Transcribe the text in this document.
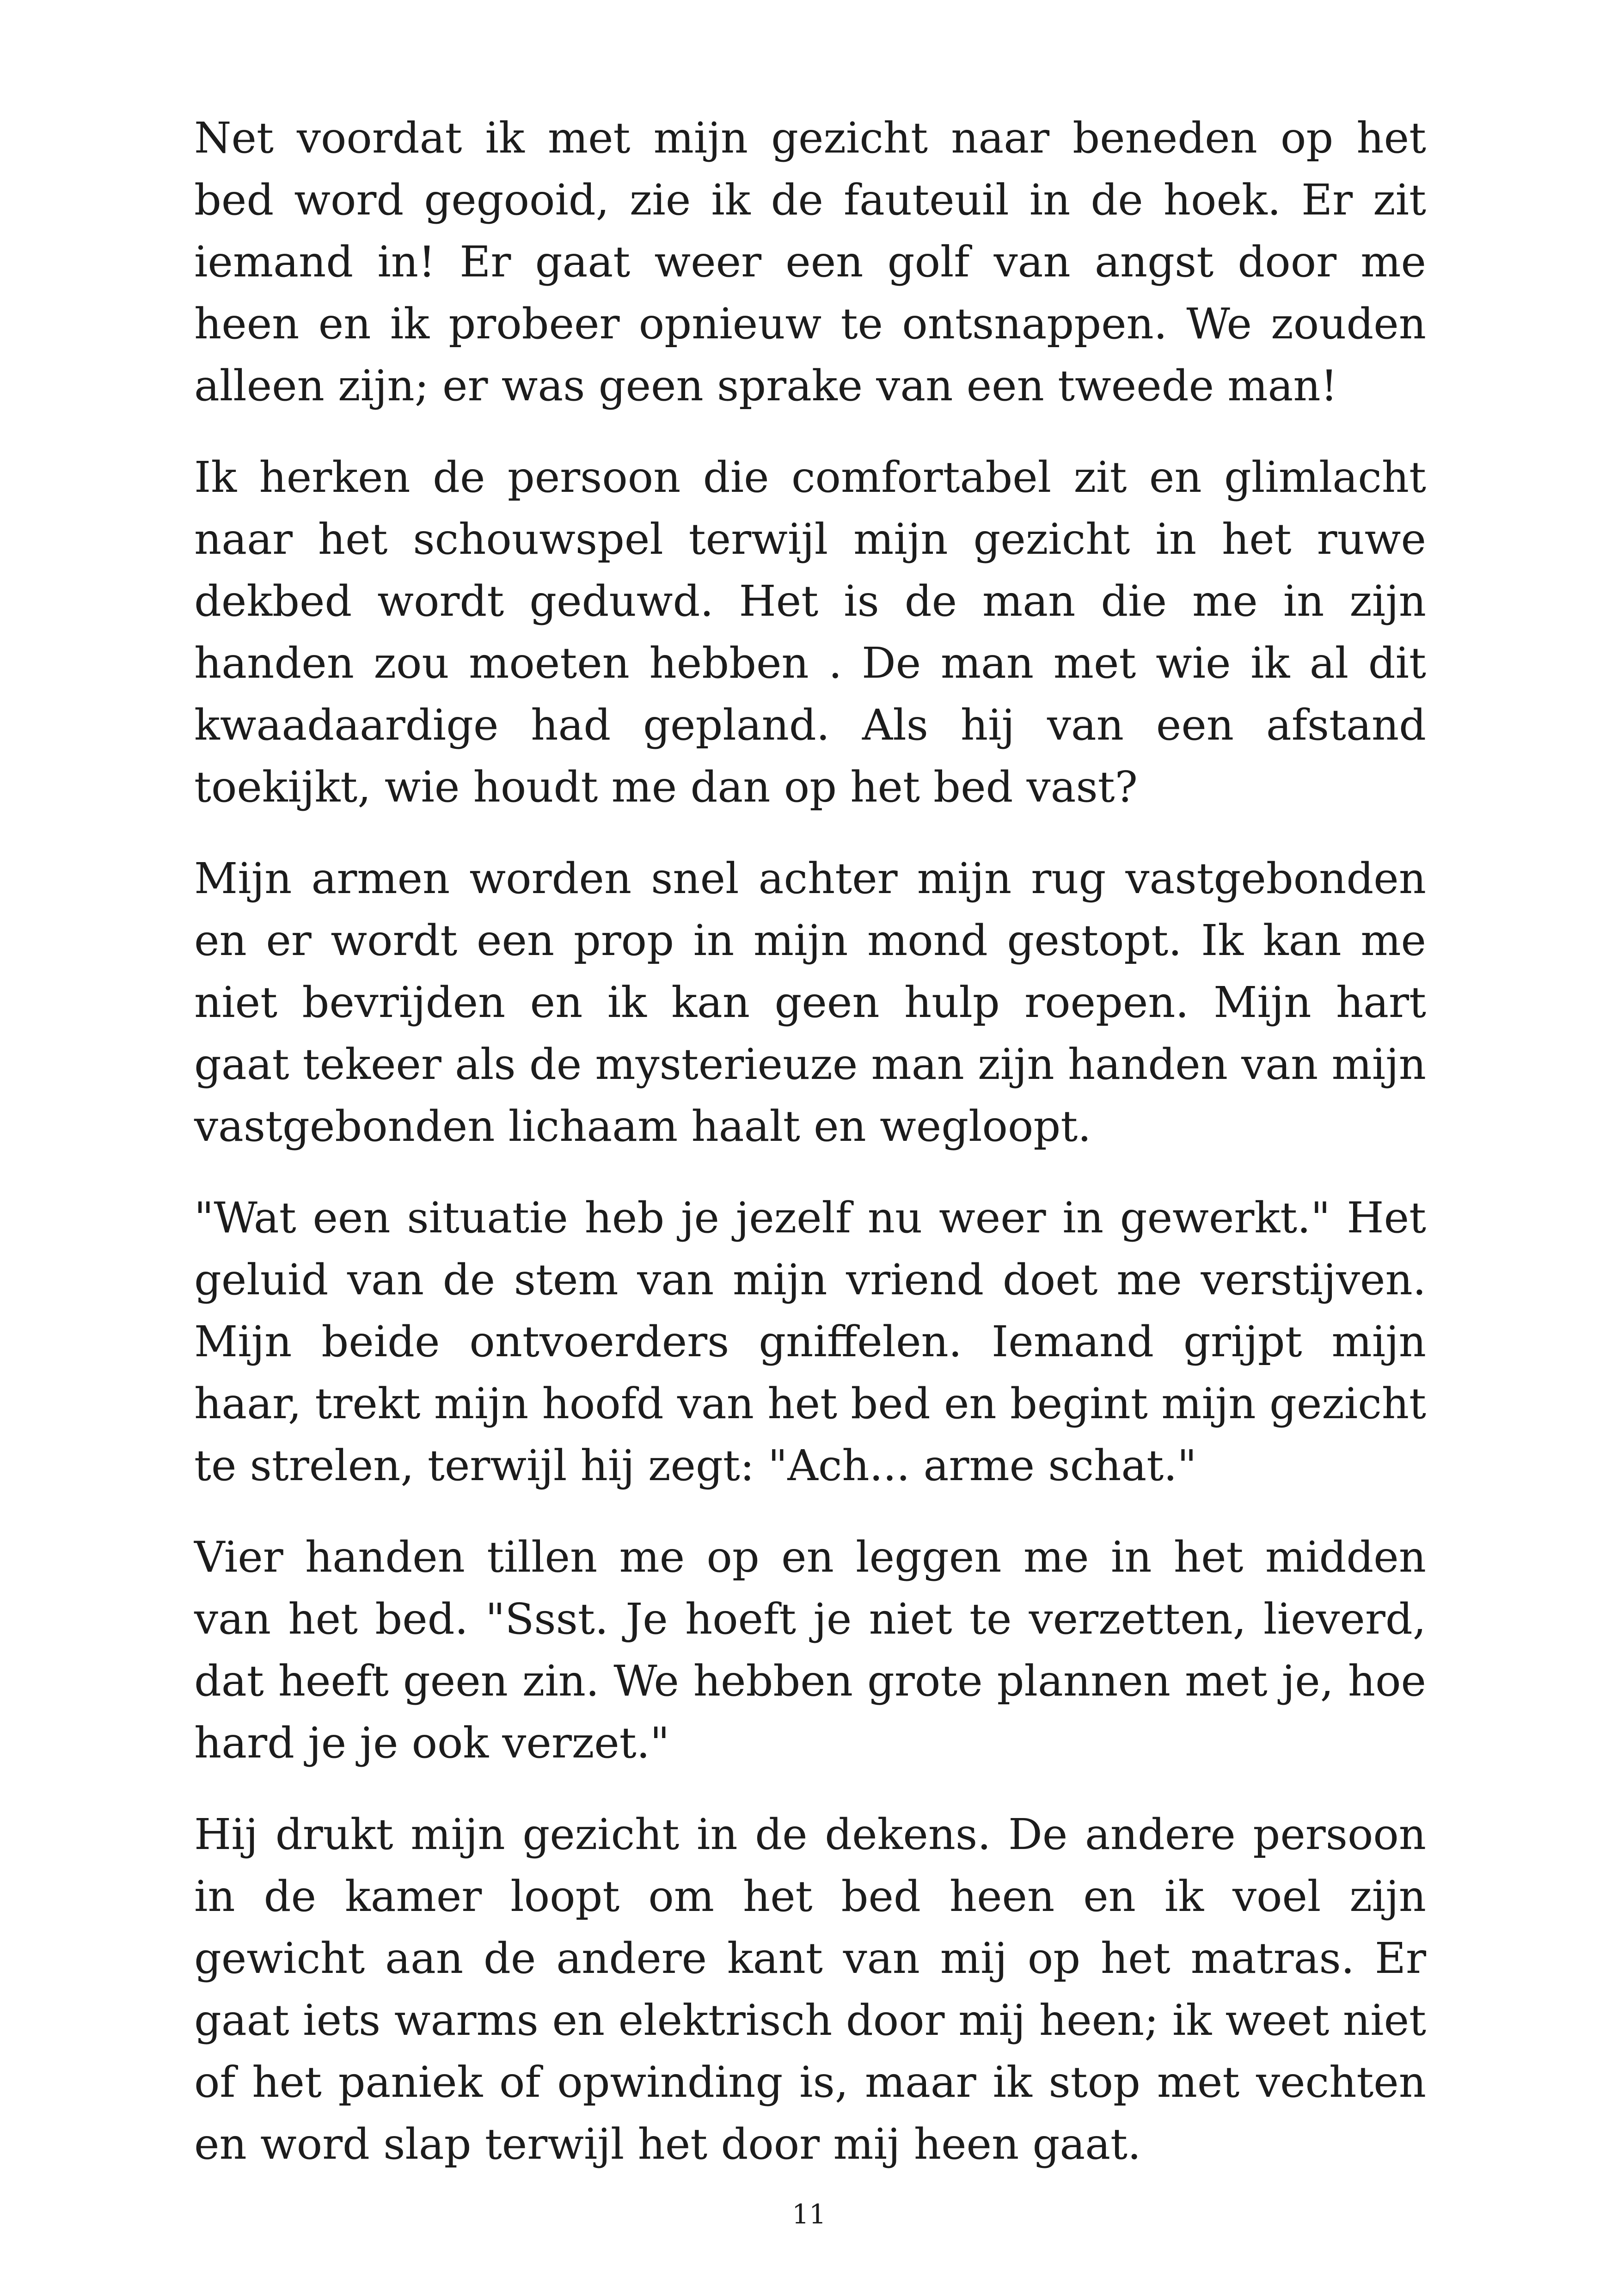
Net voordat ik met mijn gezicht naar beneden op het bed word gegooid, zie ik de fauteuil in de hoek. Er zit iemand in! Er gaat weer een golf van angst door me heen en ik probeer opnieuw te ontsnappen. We zouden alleen zijn; er was geen sprake van een tweede man!

Ik herken de persoon die comfortabel zit en glimlacht naar het schouwspel terwijl mijn gezicht in het ruwe dekbed wordt geduwd. Het is de man die me in zijn handen zou moeten hebben . De man met wie ik al dit kwaadaardige had gepland. Als hij van een afstand toekijkt, wie houdt me dan op het bed vast?

Mijn armen worden snel achter mijn rug vastgebonden en er wordt een prop in mijn mond gestopt. Ik kan me niet bevrijden en ik kan geen hulp roepen. Mijn hart gaat tekeer als de mysterieuze man zijn handen van mijn vastgebonden lichaam haalt en wegloopt.

"Wat een situatie heb je jezelf nu weer in gewerkt." Het geluid van de stem van mijn vriend doet me verstijven. Mijn beide ontvoerders gniffelen. Iemand grijpt mijn haar, trekt mijn hoofd van het bed en begint mijn gezicht te strelen, terwijl hij zegt: "Ach... arme schat."

Vier handen tillen me op en leggen me in het midden van het bed. "Ssst. Je hoeft je niet te verzetten, lieverd, dat heeft geen zin. We hebben grote plannen met je, hoe hard je je ook verzet."

Hij drukt mijn gezicht in de dekens. De andere persoon in de kamer loopt om het bed heen en ik voel zijn gewicht aan de andere kant van mij op het matras. Er gaat iets warms en elektrisch door mij heen; ik weet niet of het paniek of opwinding is, maar ik stop met vechten en word slap terwijl het door mij heen gaat.

11
